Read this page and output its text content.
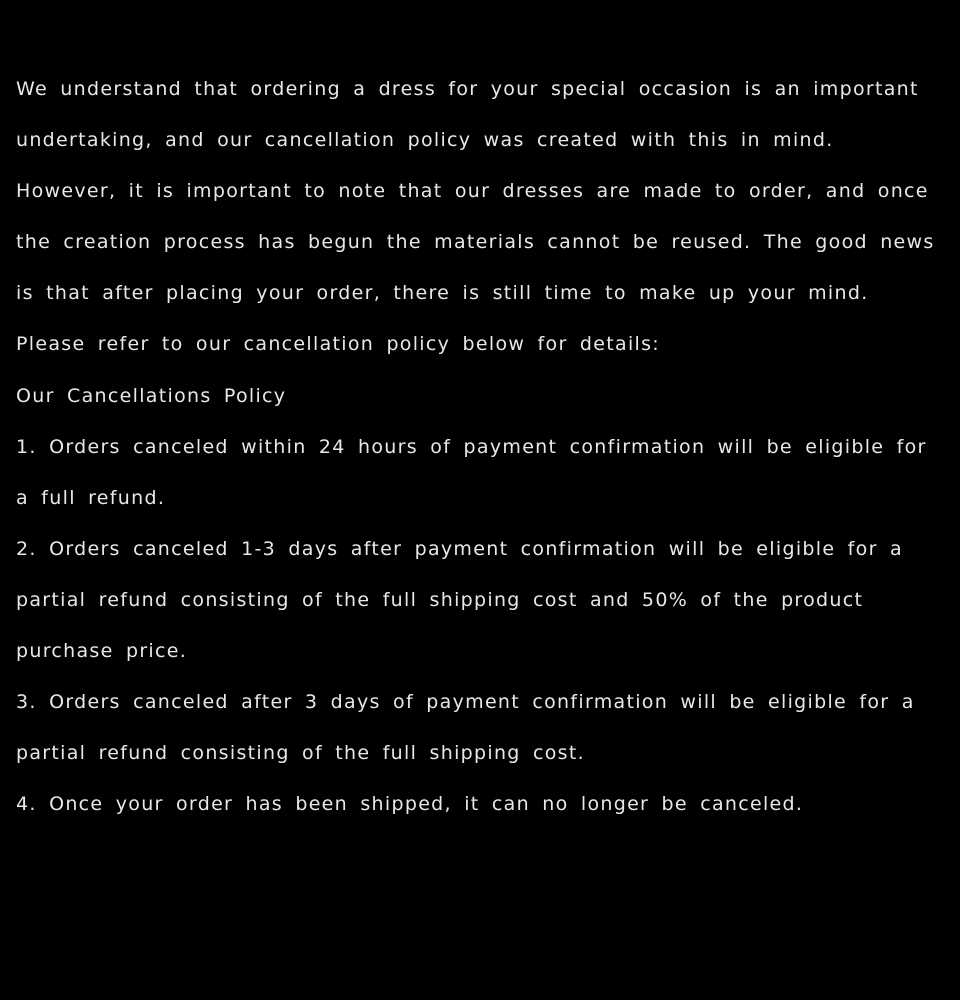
We understand that ordering a dress for your special occasion is an important undertaking, and our cancellation policy was created with this in mind. However, it is important to note that our dresses are made to order, and once the creation process has begun the materials cannot be reused. The good news is that after placing your order, there is still time to make up your mind. Please refer to our cancellation policy below for details:

Our Cancellations Policy

1. Orders canceled within 24 hours of payment confirmation will be eligible for a full refund.

2. Orders canceled 1-3 days after payment confirmation will be eligible for a partial refund consisting of the full shipping cost and 50% of the product purchase price.

3. Orders canceled after 3 days of payment confirmation will be eligible for a partial refund consisting of the full shipping cost.

4. Once your order has been shipped, it can no longer be canceled.
